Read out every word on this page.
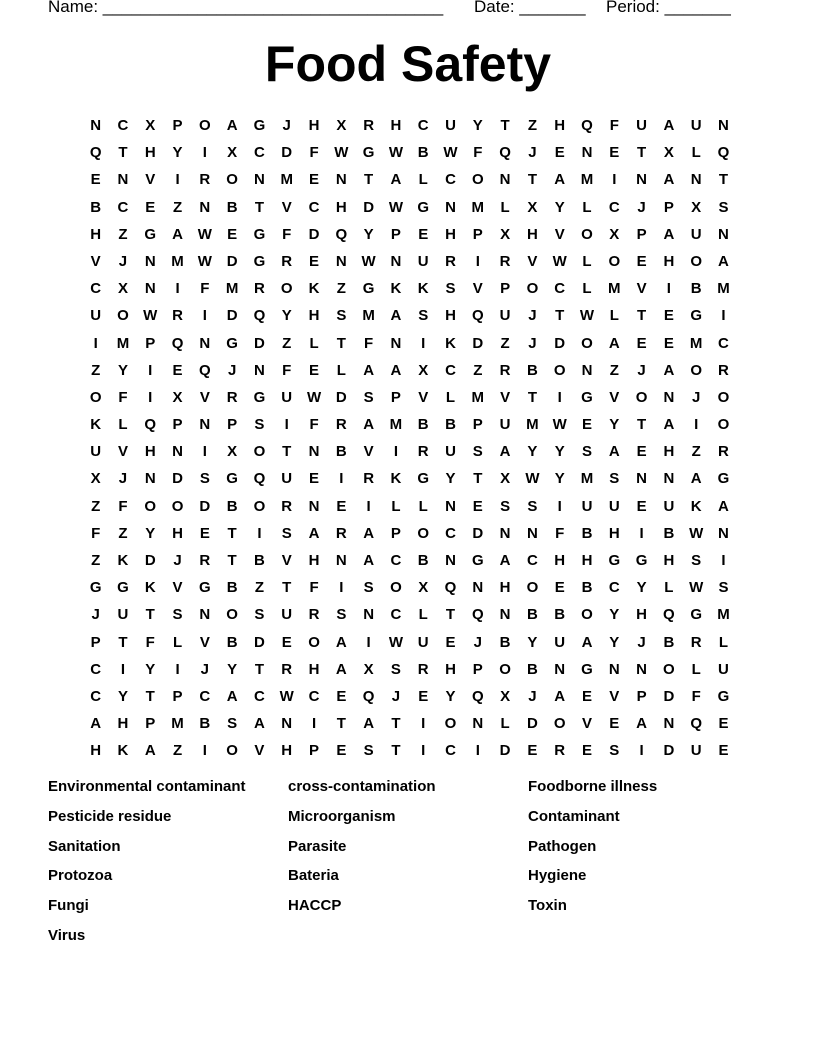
Name: ____________________________________

Date: _______

Period: _______

Food Safety
N	C	X	P	O	A	G	J	H	X	R	H	C	U	Y	T	Z	H	Q	F	U	A	U	N
Q	T	H	Y	I	X	C	D	F	W G W B W	F	Q	J	E	N	E	T	X	L	Q
E	N	V	I	R	O	N	M	E	N	T	A	L	C	O	N	T	A	M	I	N	A	N	T
B	C	E	Z	N	B	T	V	C	H	D W G	N	M	L	X	Y	L	C	J	P	X	S
H	Z	G	A W	E	G	F	D	Q	Y	P	E	H	P	X	H	V	O	X	P	A	U	N
V	J	N	M W D	G	R	E	N W N	U	R	I	R	V	W	L	O	E	H	O	A
C	X	N	I	F	M	R	O	K	Z	G	K	K	S	V	P	O	C	L	M	V	I	B	M
U	O W R	I	D	Q	Y	H	S	M	A	S	H	Q	U	J	T	W	L	T	E	G	I
I	M	P	Q	N	G	D	Z	L	T	F	N	I	K	D	Z	J	D	O	A	E	E	M	C
Z	Y	I	E	Q	J	N	F	E	L	A	A	X	C	Z	R	B	O	N	Z	J	A	O	R
O	F	I	X	V	R	G	U W D	S	P	V	L	M	V	T	I	G	V	O	N	J	O
K	L	Q	P	N	P	S	I	F	R	A	M	B	B	P	U	M W	E	Y	T	A	I	O
U	V	H	N	I	X	O	T	N	B	V	I	R	U	S	A	Y	Y	S	A	E	H	Z	R
X	J	N	D	S	G	Q	U	E	I	R	K	G	Y	T	X	W	Y	M	S	N	N	A	G
Z	F	O	O	D	B	O	R	N	E	I	L	L	N	E	S	S	I	U	U	E	U	K	A
F	Z	Y	H	E	T	I	S	A	R	A	P	O	C	D	N	N	F	B	H	I	B W N
Z	K	D	J	R	T	B	V	H	N	A	C	B	N	G	A	C	H	H	G	G	H	S	I
G	G	K	V	G	B	Z	T	F	I	S	O	X	Q	N	H	O	E	B	C	Y	L	W	S
J	U	T	S	N	O	S	U	R	S	N	C	L	T	Q	N	B	B	O	Y	H	Q	G	M
P	T	F	L	V	B	D	E	O	A	I	W U	E	J	B	Y	U	A	Y	J	B	R	L
C	I	Y	I	J	Y	T	R	H	A	X	S	R	H	P	O	B	N	G	N	N	O	L	U
C	Y	T	P	C	A	C W C	E	Q	J	E	Y	Q	X	J	A	E	V	P	D	F	G
A	H	P	M	B	S	A	N	I	T	A	T	I	O	N	L	D	O	V	E	A	N	Q	E
H	K	A	Z	I	O	V	H	P	E	S	T	I	C	I	D	E	R	E	S	I	D	U	E
Environmental contaminant	cross-contamination	Foodborne illness
Pesticide residue	Microorganism	Contaminant
Sanitation	Parasite	Pathogen
Protozoa	Bateria	Hygiene
Fungi	HACCP	Toxin
Virus
